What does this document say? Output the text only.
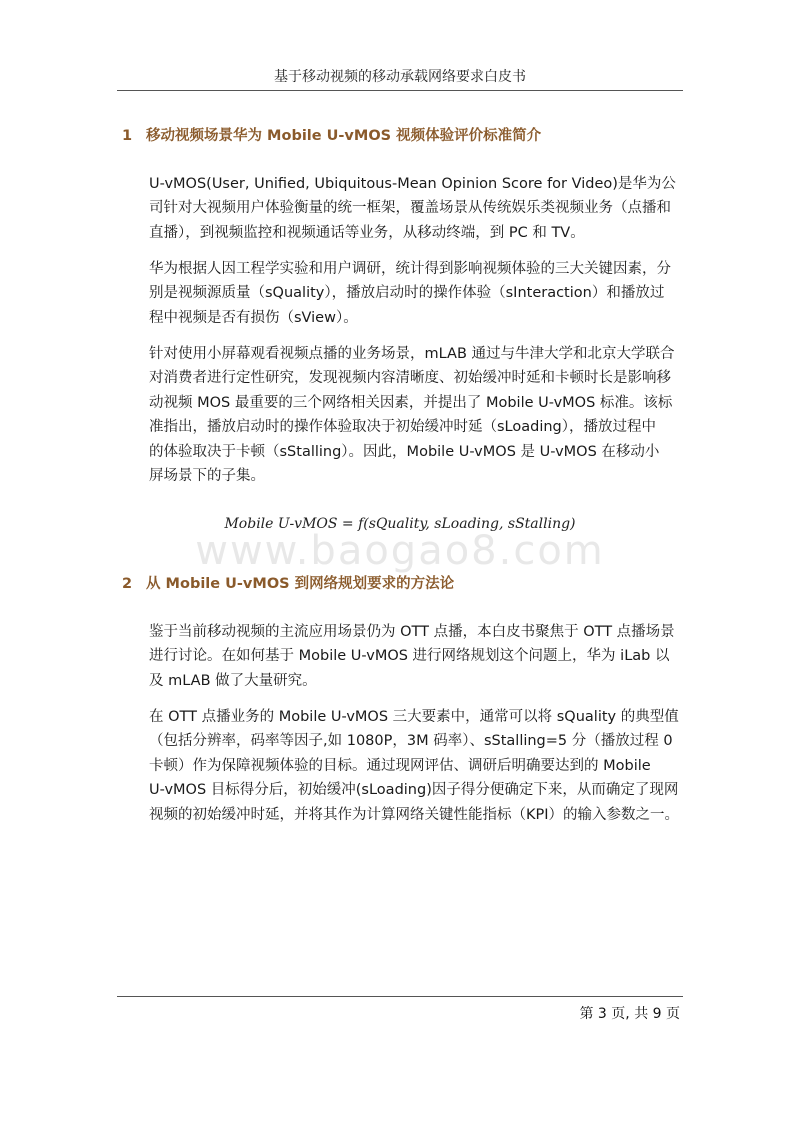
基于移动视频的移动承载网络要求白皮书
1 移动视频场景华为 Mobile U-vMOS 视频体验评价标准简介
U-vMOS(User, Unified, Ubiquitous-Mean Opinion Score for Video)是华为公
司针对大视频用户体验衡量的统一框架，覆盖场景从传统娱乐类视频业务（点播和
直播），到视频监控和视频通话等业务，从移动终端，到 PC 和 TV。
华为根据人因工程学实验和用户调研，统计得到影响视频体验的三大关键因素，分
别是视频源质量（sQuality），播放启动时的操作体验（sInteraction）和播放过
程中视频是否有损伤（sView）。
针对使用小屏幕观看视频点播的业务场景，mLAB 通过与牛津大学和北京大学联合
对消费者进行定性研究，发现视频内容清晰度、初始缓冲时延和卡顿时长是影响移
动视频 MOS 最重要的三个网络相关因素，并提出了 Mobile U-vMOS 标准。该标
准指出，播放启动时的操作体验取决于初始缓冲时延（sLoading），播放过程中
的体验取决于卡顿（sStalling）。因此，Mobile U-vMOS 是 U-vMOS 在移动小
屏场景下的子集。
Mobile U-vMOS = f(sQuality, sLoading, sStalling)
www.baogao8.com
2 从 Mobile U-vMOS 到网络规划要求的方法论
鉴于当前移动视频的主流应用场景仍为 OTT 点播，本白皮书聚焦于 OTT 点播场景
进行讨论。在如何基于 Mobile U-vMOS 进行网络规划这个问题上，华为 iLab 以
及 mLAB 做了大量研究。
在 OTT 点播业务的 Mobile U-vMOS 三大要素中，通常可以将 sQuality 的典型值
（包括分辨率，码率等因子,如 1080P，3M 码率）、sStalling=5 分（播放过程 0
卡顿）作为保障视频体验的目标。通过现网评估、调研后明确要达到的 Mobile
U-vMOS 目标得分后，初始缓冲(sLoading)因子得分便确定下来，从而确定了现网
视频的初始缓冲时延，并将其作为计算网络关键性能指标（KPI）的输入参数之一。
第 3 页, 共 9 页
